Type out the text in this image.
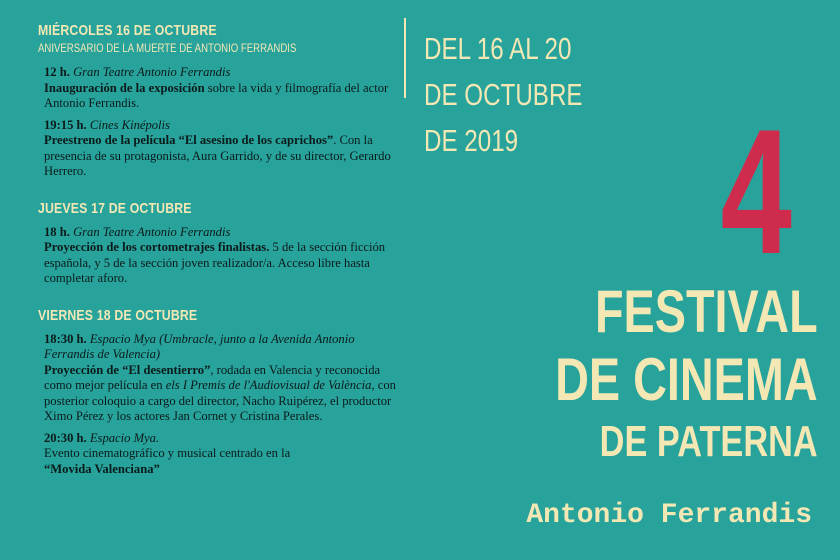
MIÉRCOLES 16 DE OCTUBRE
ANIVERSARIO DE LA MUERTE DE ANTONIO FERRANDIS
12 h. Gran Teatre Antonio Ferrandis
Inauguración de la exposición sobre la vida y filmografía del actor Antonio Ferrandis.
19:15 h. Cines Kinépolis
Preestreno de la película “El asesino de los caprichos”. Con la presencia de su protagonista, Aura Garrido, y de su director, Gerardo Herrero.
JUEVES 17 DE OCTUBRE
18 h. Gran Teatre Antonio Ferrandis
Proyección de los cortometrajes finalistas. 5 de la sección ficción española, y 5 de la sección joven realizador/a. Acceso libre hasta completar aforo.
VIERNES 18 DE OCTUBRE
18:30 h. Espacio Mya (Umbracle, junto a la Avenida Antonio Ferrandis de Valencia)
Proyección de “El desentierro”, rodada en Valencia y reconocida como mejor película en els I Premis de l'Audiovisual de València, con posterior coloquio a cargo del director, Nacho Ruipérez, el productor Ximo Pérez y los actores Jan Cornet y Cristina Perales.
20:30 h. Espacio Mya.
Evento cinematográfico y musical centrado en la
“Movida Valenciana”
DEL 16 AL 20
DE OCTUBRE
DE 2019	4
FESTIVAL
DE CINEMA
DE PATERNA
Antonio Ferrandis
